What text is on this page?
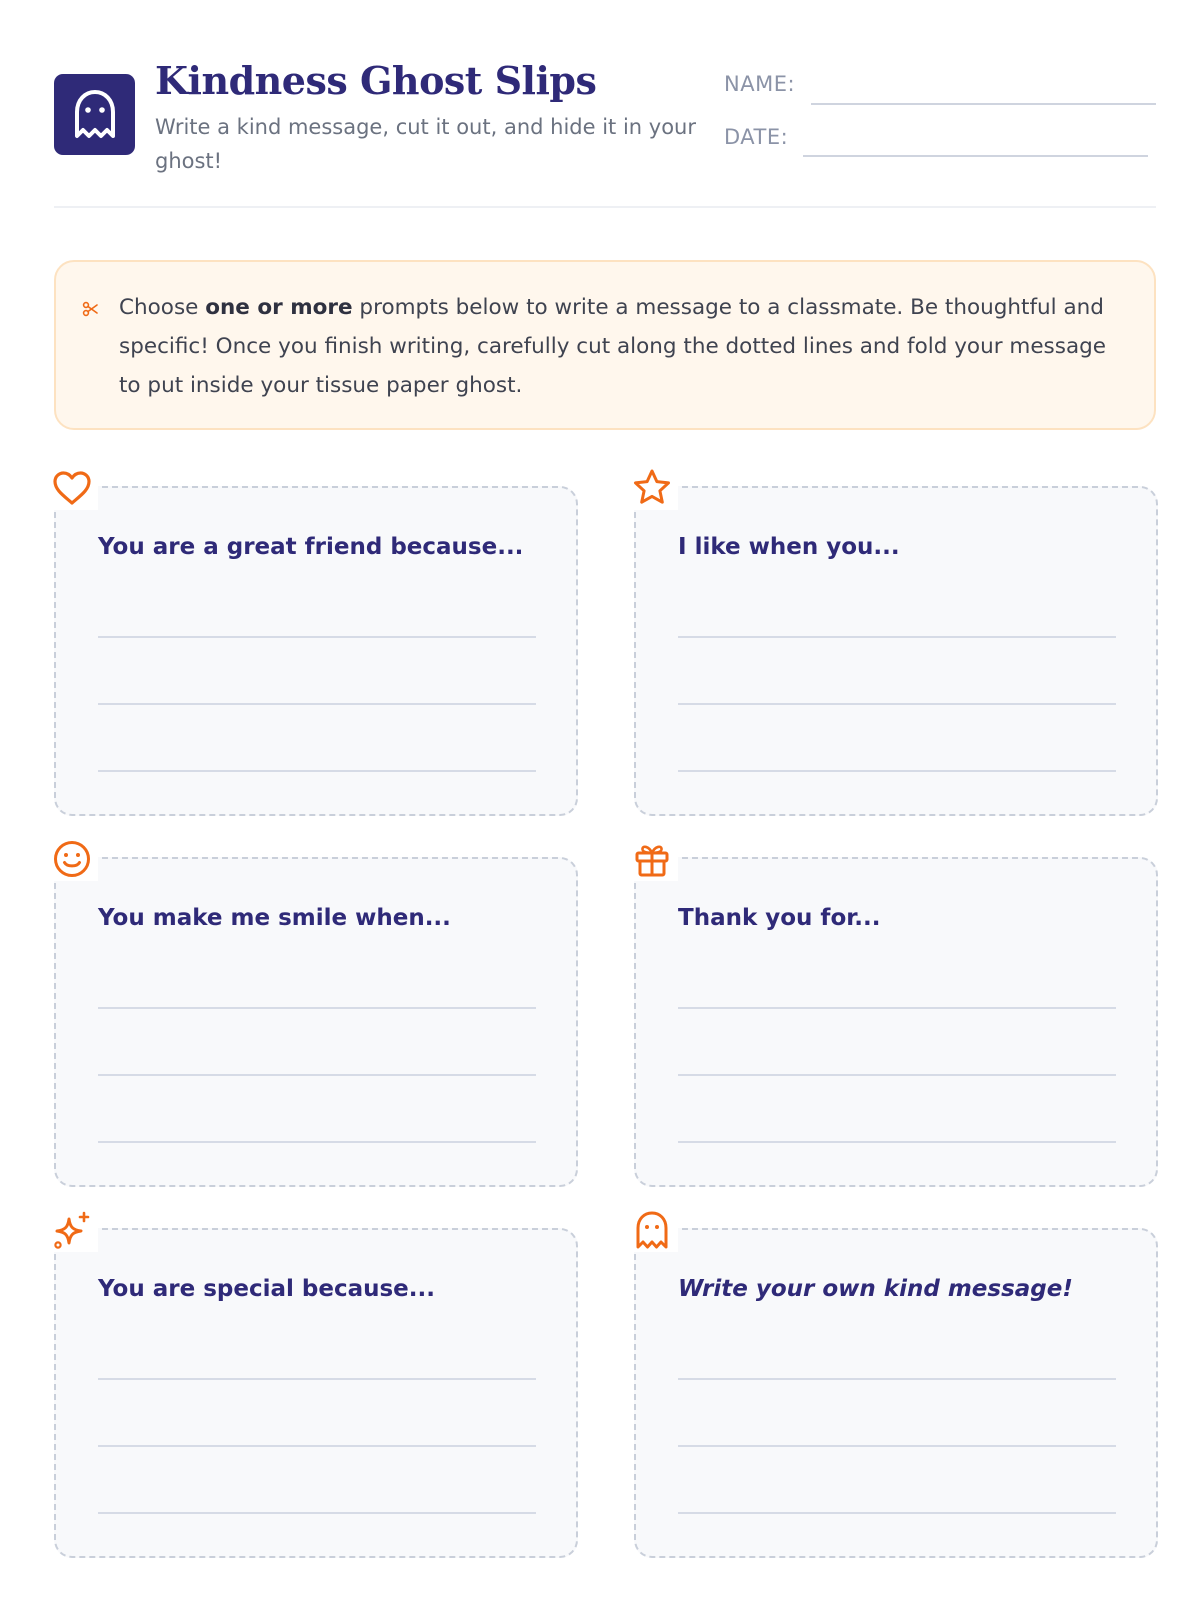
Kindness Ghost Slips
Write a kind message, cut it out, and hide it in your ghost!
NAME:
DATE:
Choose one or more prompts below to write a message to a classmate. Be thoughtful and specific! Once you finish writing, carefully cut along the dotted lines and fold your message to put inside your tissue paper ghost.
You are a great friend because...	I like when you...
You make me smile when...	Thank you for...
You are special because...	Write your own kind message!
